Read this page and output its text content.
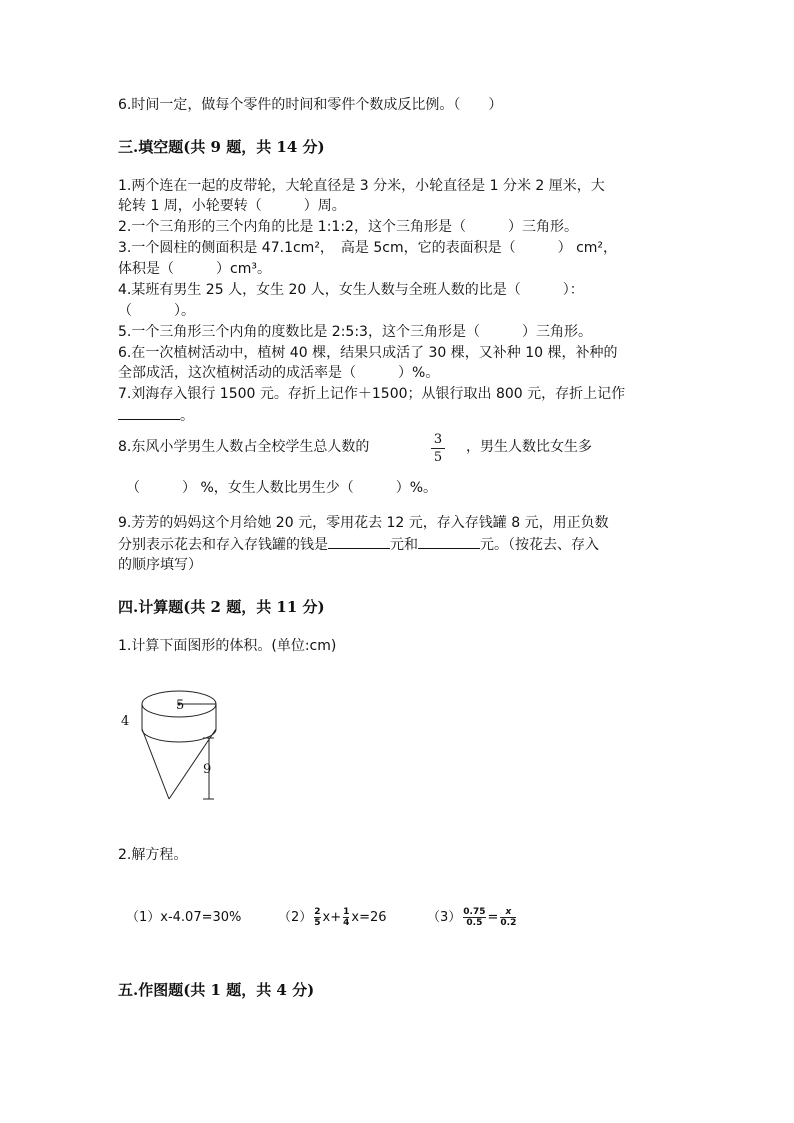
6.时间一定，做每个零件的时间和零件个数成反比例。（　　）
三.填空题(共 9 题，共 14 分)
1.两个连在一起的皮带轮，大轮直径是 3 分米，小轮直径是 1 分米 2 厘米，大
轮转 1 周，小轮要转（　　　）周。
2.一个三角形的三个内角的比是 1:1:2，这个三角形是（　　　）三角形。
3.一个圆柱的侧面积是 47.1cm²，　高是 5cm，它的表面积是（　　　） cm²，
体积是（　　　）cm³。
4.某班有男生 25 人，女生 20 人，女生人数与全班人数的比是（　　　）：
（　　　）。
5.一个三角形三个内角的度数比是 2:5:3，这个三角形是（　　　）三角形。
6.在一次植树活动中，植树 40 棵，结果只成活了 30 棵，又补种 10 棵，补种的
全部成活，这次植树活动的成活率是（　　　）%。
7.刘海存入银行 1500 元。存折上记作＋1500；从银行取出 800 元，存折上记作
。
8.东风小学男生人数占全校学生总人数的	3
5
，男生人数比女生多
（　　　） %，女生人数比男生少（　　　）%。
9.芳芳的妈妈这个月给她 20 元，零用花去 12 元，存入存钱罐 8 元，用正负数
分别表示花去和存入存钱罐的钱是	元和	元。（按花去、存入
的顺序填写）
四.计算题(共 2 题，共 11 分)
1.计算下面图形的体积。(单位:cm)
5
4
9
2.解方程。
（1）x-4.07=30%	$(2) \frac{2}{5} x+ \frac{1}{4} x=26$	$(3) \frac{0.75}{0.5} = \frac{x}{0.2}$
五.作图题(共 1 题，共 4 分)
